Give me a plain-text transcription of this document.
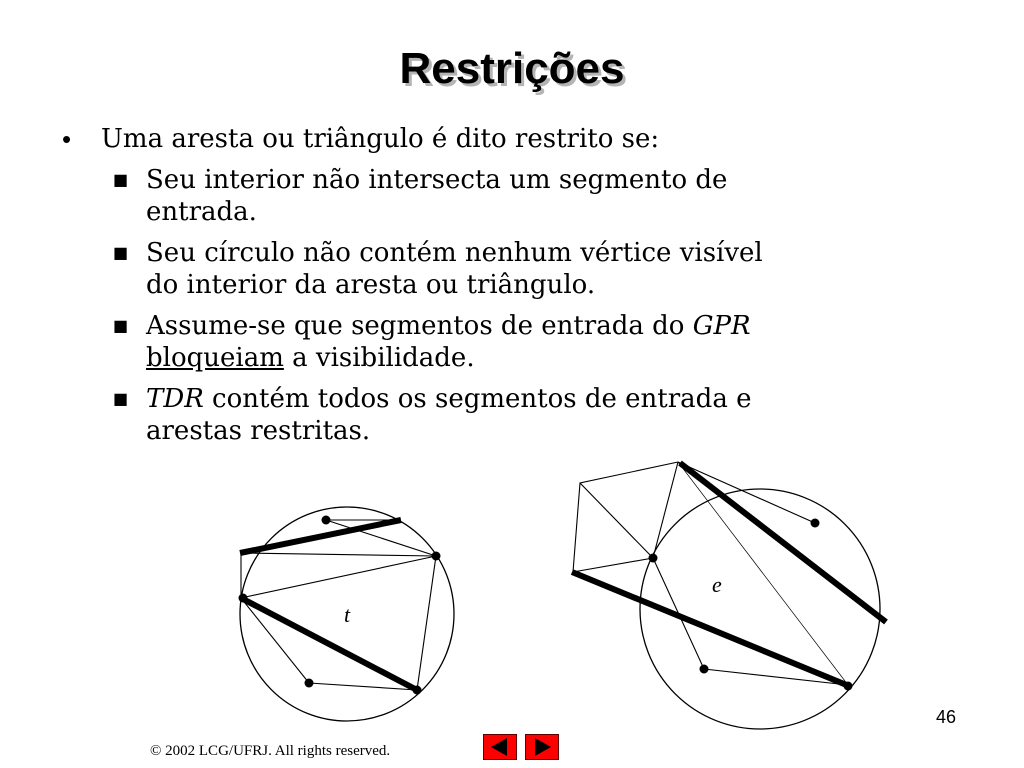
Restrições
• Uma aresta ou triângulo é dito restrito se:
■ Seu interior não intersecta um segmento de
entrada.
■ Seu círculo não contém nenhum vértice visível
do interior da aresta ou triângulo.
■ Assume-se que segmentos de entrada do GPR
bloqueiam a visibilidade.
■ TDR contém todos os segmentos de entrada e
arestas restritas.
t
e
46
© 2002 LCG/UFRJ. All rights reserved.
